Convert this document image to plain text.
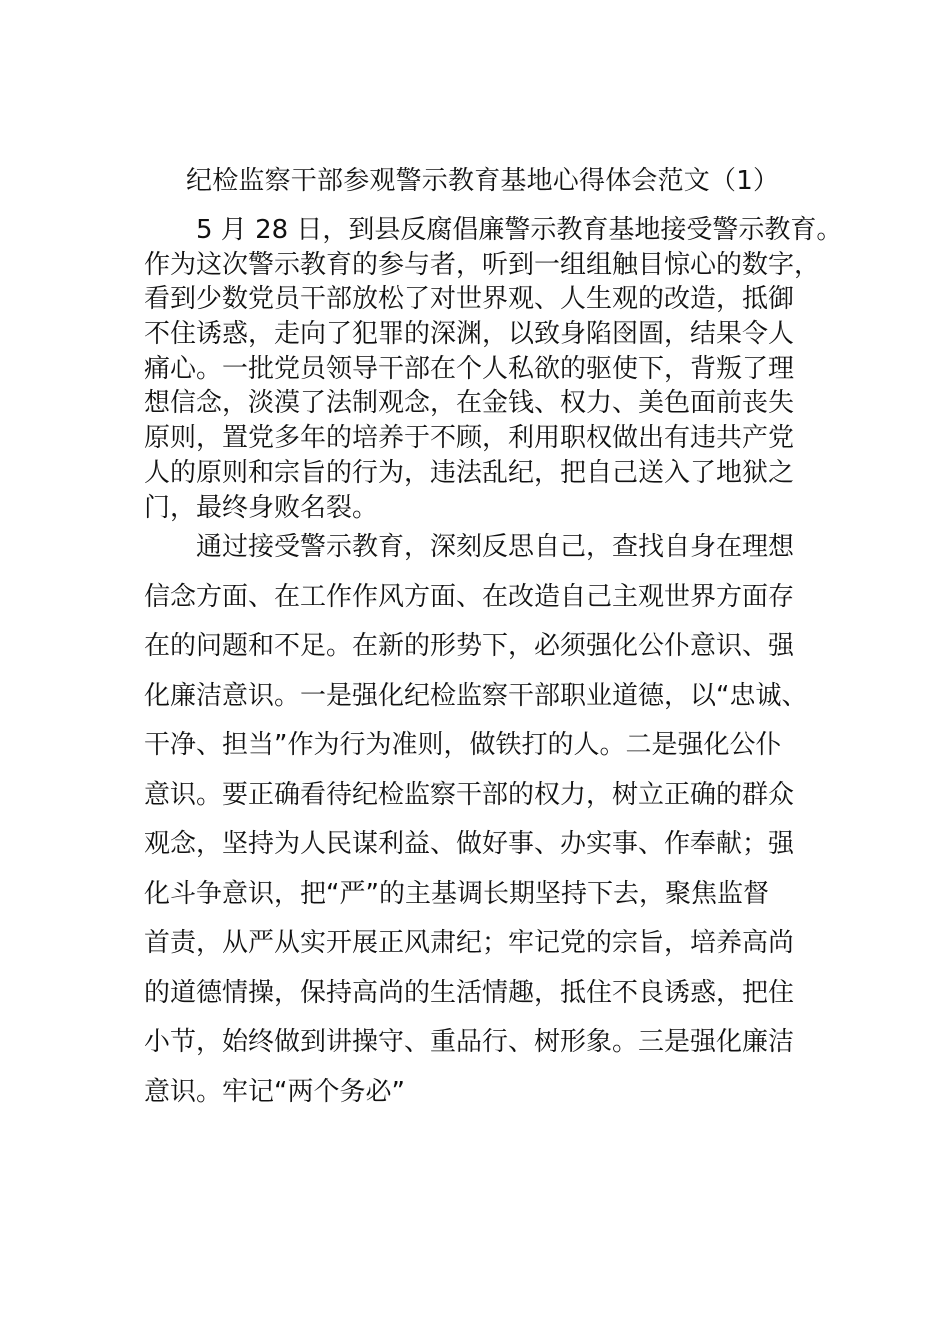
纪检监察干部参观警示教育基地心得体会范文（1）
5 月 28 日，到县反腐倡廉警示教育基地接受警示教育。
作为这次警示教育的参与者，听到一组组触目惊心的数字，
看到少数党员干部放松了对世界观、人生观的改造，抵御
不住诱惑，走向了犯罪的深渊，以致身陷囹圄，结果令人
痛心。一批党员领导干部在个人私欲的驱使下，背叛了理
想信念，淡漠了法制观念，在金钱、权力、美色面前丧失
原则，置党多年的培养于不顾，利用职权做出有违共产党
人的原则和宗旨的行为，违法乱纪，把自己送入了地狱之
门，最终身败名裂。
通过接受警示教育，深刻反思自己，查找自身在理想
信念方面、在工作作风方面、在改造自己主观世界方面存
在的问题和不足。在新的形势下，必须强化公仆意识、强
化廉洁意识。一是强化纪检监察干部职业道德，以“忠诚、
干净、担当”作为行为准则，做铁打的人。二是强化公仆
意识。要正确看待纪检监察干部的权力，树立正确的群众
观念，坚持为人民谋利益、做好事、办实事、作奉献；强
化斗争意识，把“严”的主基调长期坚持下去，聚焦监督
首责，从严从实开展正风肃纪；牢记党的宗旨，培养高尚
的道德情操，保持高尚的生活情趣，抵住不良诱惑，把住
小节，始终做到讲操守、重品行、树形象。三是强化廉洁
意识。牢记“两个务必”
